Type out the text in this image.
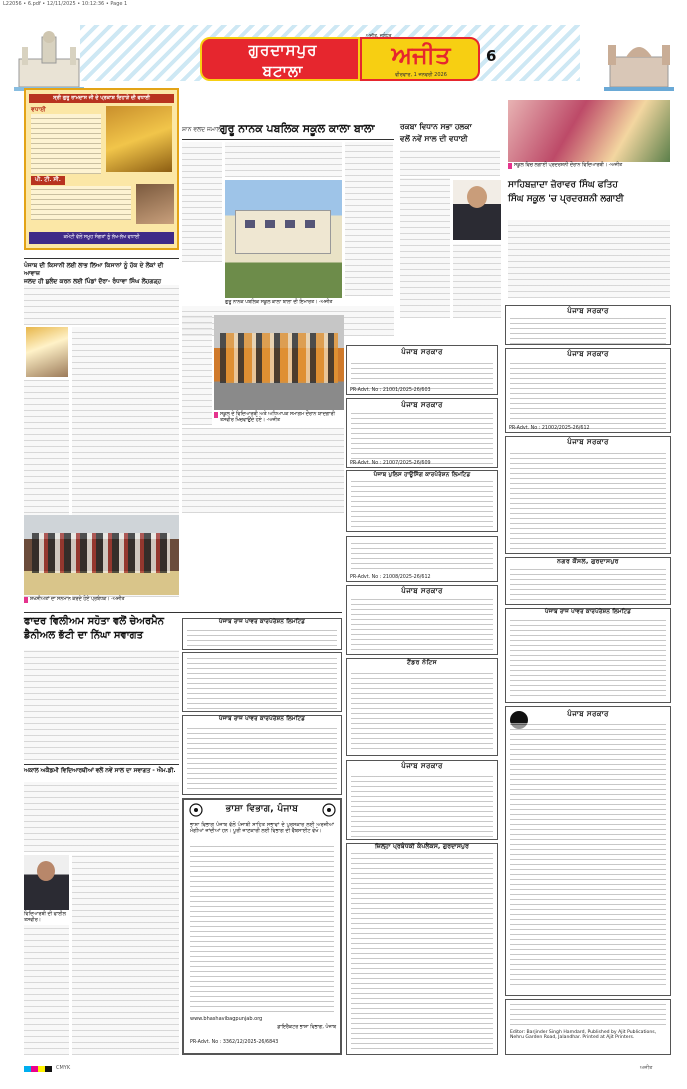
L22056 • 6.pdf • 12/11/2025 • 10:12:36 • Page 1
ਗੁਰਦਾਸਪੁਰ
ਬਟਾਲਾ
ਅਜੀਤ, ਜਲੰਧਰ
ਅਜੀਤ
ਵੀਰਵਾਰ, 1 ਜਨਵਰੀ 2026
6
ਸ੍ਰੀ ਗੁਰੂ ਰਾਮਦਾਸ ਜੀ ਦੇ ਪ੍ਰਕਾਸ਼ ਦਿਹਾੜੇ ਦੀ ਵਧਾਈ
ਵਧਾਈ
ਪੀ. ਟੀ. ਸੀ.
ਕਮੇਟੀ ਵੱਲੋਂ ਸਮੂਹ ਸੰਗਤਾਂ ਨੂੰ ਲੱਖ-ਲੱਖ ਵਧਾਈ
ਸ਼ਾਨ ਵਲਦ ਜਮਾਲ -
ਗੁਰੂ ਨਾਨਕ ਪਬਲਿਕ ਸਕੂਲ ਕਾਲਾ ਬਾਲਾ
ਗੁਰੂ ਨਾਨਕ ਪਬਲਿਕ ਸਕੂਲ ਕਾਲਾ ਬਾਲਾ ਦੀ ਇਮਾਰਤ। -ਅਜੀਤ
ਰਕਬਾ ਵਿਧਾਨ ਸਭਾ ਹਲਕਾ
ਵਲੋਂ ਨਵੇਂ ਸਾਲ ਦੀ ਵਧਾਈ
ਸਕੂਲ ਵਿਚ ਲਗਾਈ ਪ੍ਰਦਰਸ਼ਨੀ ਦੌਰਾਨ ਵਿਦਿਆਰਥੀ। -ਅਜੀਤ
ਸਾਹਿਬਜ਼ਾਦਾ ਜ਼ੋਰਾਵਰ ਸਿੰਘ ਫਤਿਹ
ਸਿੰਘ ਸਕੂਲ 'ਚ ਪ੍ਰਦਰਸ਼ਨੀ ਲਗਾਈ
ਪੰਜਾਬ ਦੀ ਕਿਸਾਨੀ ਲਈ ਲਾਭ ਲਿਆ ਕਿਸਾਨਾਂ ਨੂੰ ਹੱਕ ਦੇ ਲੋਕਾਂ ਦੀ ਆਵਾਜ਼
ਜਲਦ ਹੀ ਬੁਲੰਦ ਕਰਨ ਲਈ ਪਿੰਡਾਂ ਦੌਰਾ- ਰੰਧਾਵਾ ਸਿੰਘ ਲੋਹਗੜ੍ਹ
ਸਕੂਲ ਦੇ ਵਿਦਿਆਰਥੀ ਅਤੇ ਅਧਿਆਪਕ ਸਮਾਗਮ ਦੌਰਾਨ ਯਾਦਗਾਰੀ ਤਸਵੀਰ ਖਿਚਵਾਉਂਦੇ ਹੋਏ। -ਅਜੀਤ
ਸ਼ਖਸੀਅਤਾਂ ਦਾ ਸਨਮਾਨ ਕਰਦੇ ਹੋਏ ਪ੍ਰਬੰਧਕ। -ਅਜੀਤ
ਪੰਜਾਬ ਸਰਕਾਰ
PR-Advt. No : 21001/2025-26/603
ਪੰਜਾਬ ਸਰਕਾਰ
PR-Advt. No : 21007/2025-26/609
ਪੰਜਾਬ ਪੁਲਿਸ ਹਾਊਸਿੰਗ ਕਾਰਪੋਰੇਸ਼ਨ ਲਿਮਟਿਡ
ਪੰਜਾਬ ਸਰਕਾਰ
ਪੰਜਾਬ ਸਰਕਾਰ
PR-Advt. No : 21002/2025-26/612
ਪੰਜਾਬ ਸਰਕਾਰ
ਨਗਰ ਕੌਂਸਲ, ਗੁਰਦਾਸਪੁਰ
ਫਾਦਰ ਵਿਲੀਅਮ ਸਹੋਤਾ ਵਲੋਂ ਚੇਅਰਮੈਨ
ਡੈਨੀਅਲ ਭੱਟੀ ਦਾ ਨਿੱਘਾ ਸਵਾਗਤ
ਅਕਾਲ ਅਕੈਡਮੀ ਵਿਦਿਆਰਥੀਆਂ ਵਲੋਂ ਨਵੇਂ ਸਾਲ ਦਾ ਸਵਾਗਤ - ਐਮ.ਡੀ.
ਵਿਦਿਆਰਥੀ ਦੀ ਫਾਈਲ ਤਸਵੀਰ।
ਪੰਜਾਬ ਰਾਜ ਪਾਵਰ ਕਾਰਪੋਰੇਸ਼ਨ ਲਿਮਟਿਡ
ਪੰਜਾਬ ਰਾਜ ਪਾਵਰ ਕਾਰਪੋਰੇਸ਼ਨ ਲਿਮਟਿਡ
PR-Advt. No : 21008/2025-26/612
ਪੰਜਾਬ ਸਰਕਾਰ
ਟੈਂਡਰ ਨੋਟਿਸ
ਪੰਜਾਬ ਸਰਕਾਰ
ਜ਼ਿਲ੍ਹਾ ਪ੍ਰਬੰਧਕੀ ਕੰਪਲੈਕਸ, ਗੁਰਦਾਸਪੁਰ
ਪੰਜਾਬ ਰਾਜ ਪਾਵਰ ਕਾਰਪੋਰੇਸ਼ਨ ਲਿਮਟਿਡ
ਪੰਜਾਬ ਸਰਕਾਰ
Editor: Barjinder Singh Hamdard, Published by Ajit Publications, Nehru Garden Road, Jalandhar. Printed at Ajit Printers.
ਭਾਸ਼ਾ ਵਿਭਾਗ, ਪੰਜਾਬ
ਭਾਸ਼ਾ ਵਿਭਾਗ ਪੰਜਾਬ ਵੱਲੋਂ ਪੰਜਾਬੀ ਸਾਹਿਤ ਸਭਾਵਾਂ ਦੇ ਪੁਰਸਕਾਰ ਲਈ ਅਰਜ਼ੀਆਂ ਮੰਗੀਆਂ ਜਾਂਦੀਆਂ ਹਨ। ਪੂਰੀ ਜਾਣਕਾਰੀ ਲਈ ਵਿਭਾਗ ਦੀ ਵੈੱਬਸਾਈਟ ਵੇਖੋ।
www.bhashavibagpunjab.org
ਡਾਇਰੈਕਟਰ ਭਾਸ਼ਾ ਵਿਭਾਗ, ਪੰਜਾਬ
PR-Advt. No : 3362/12/2025-26/6843
CMYK	ਅਜੀਤ
